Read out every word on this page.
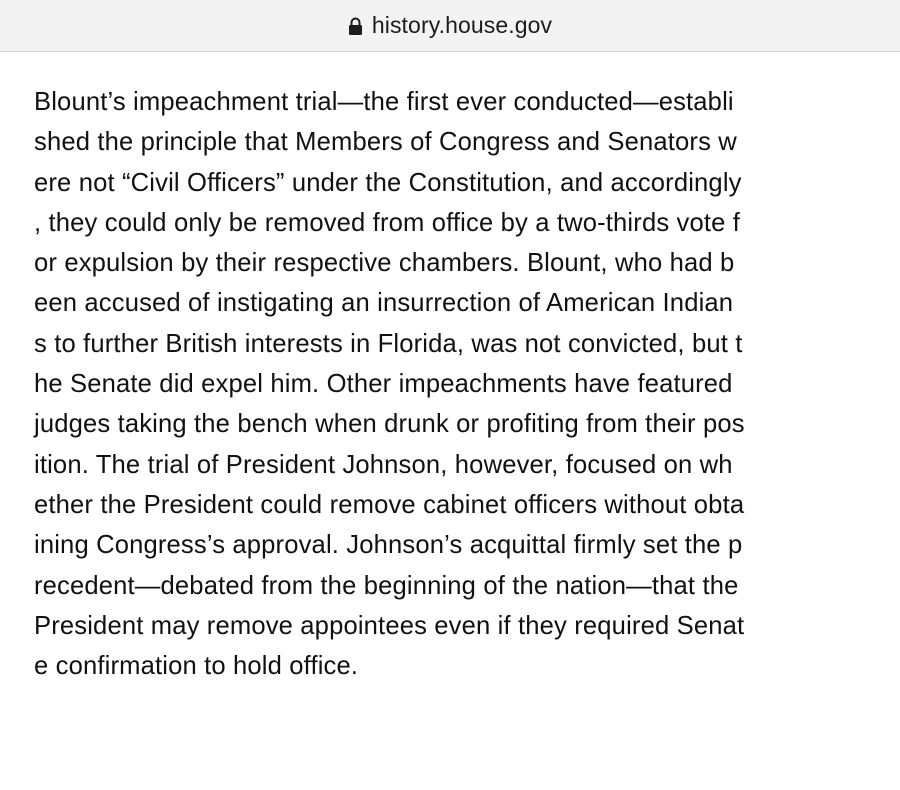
history.house.gov
Blount’s impeachment trial—the first ever conducted—establi
shed the principle that Members of Congress and Senators w
ere not “Civil Officers” under the Constitution, and accordingly
, they could only be removed from office by a two-thirds vote f
or expulsion by their respective chambers. Blount, who had b
een accused of instigating an insurrection of American Indian
s to further British interests in Florida, was not convicted, but t
he Senate did expel him. Other impeachments have featured
judges taking the bench when drunk or profiting from their pos
ition. The trial of President Johnson, however, focused on wh
ether the President could remove cabinet officers without obta
ining Congress’s approval. Johnson’s acquittal firmly set the p
recedent—debated from the beginning of the nation—that the
President may remove appointees even if they required Senat
e confirmation to hold office.
